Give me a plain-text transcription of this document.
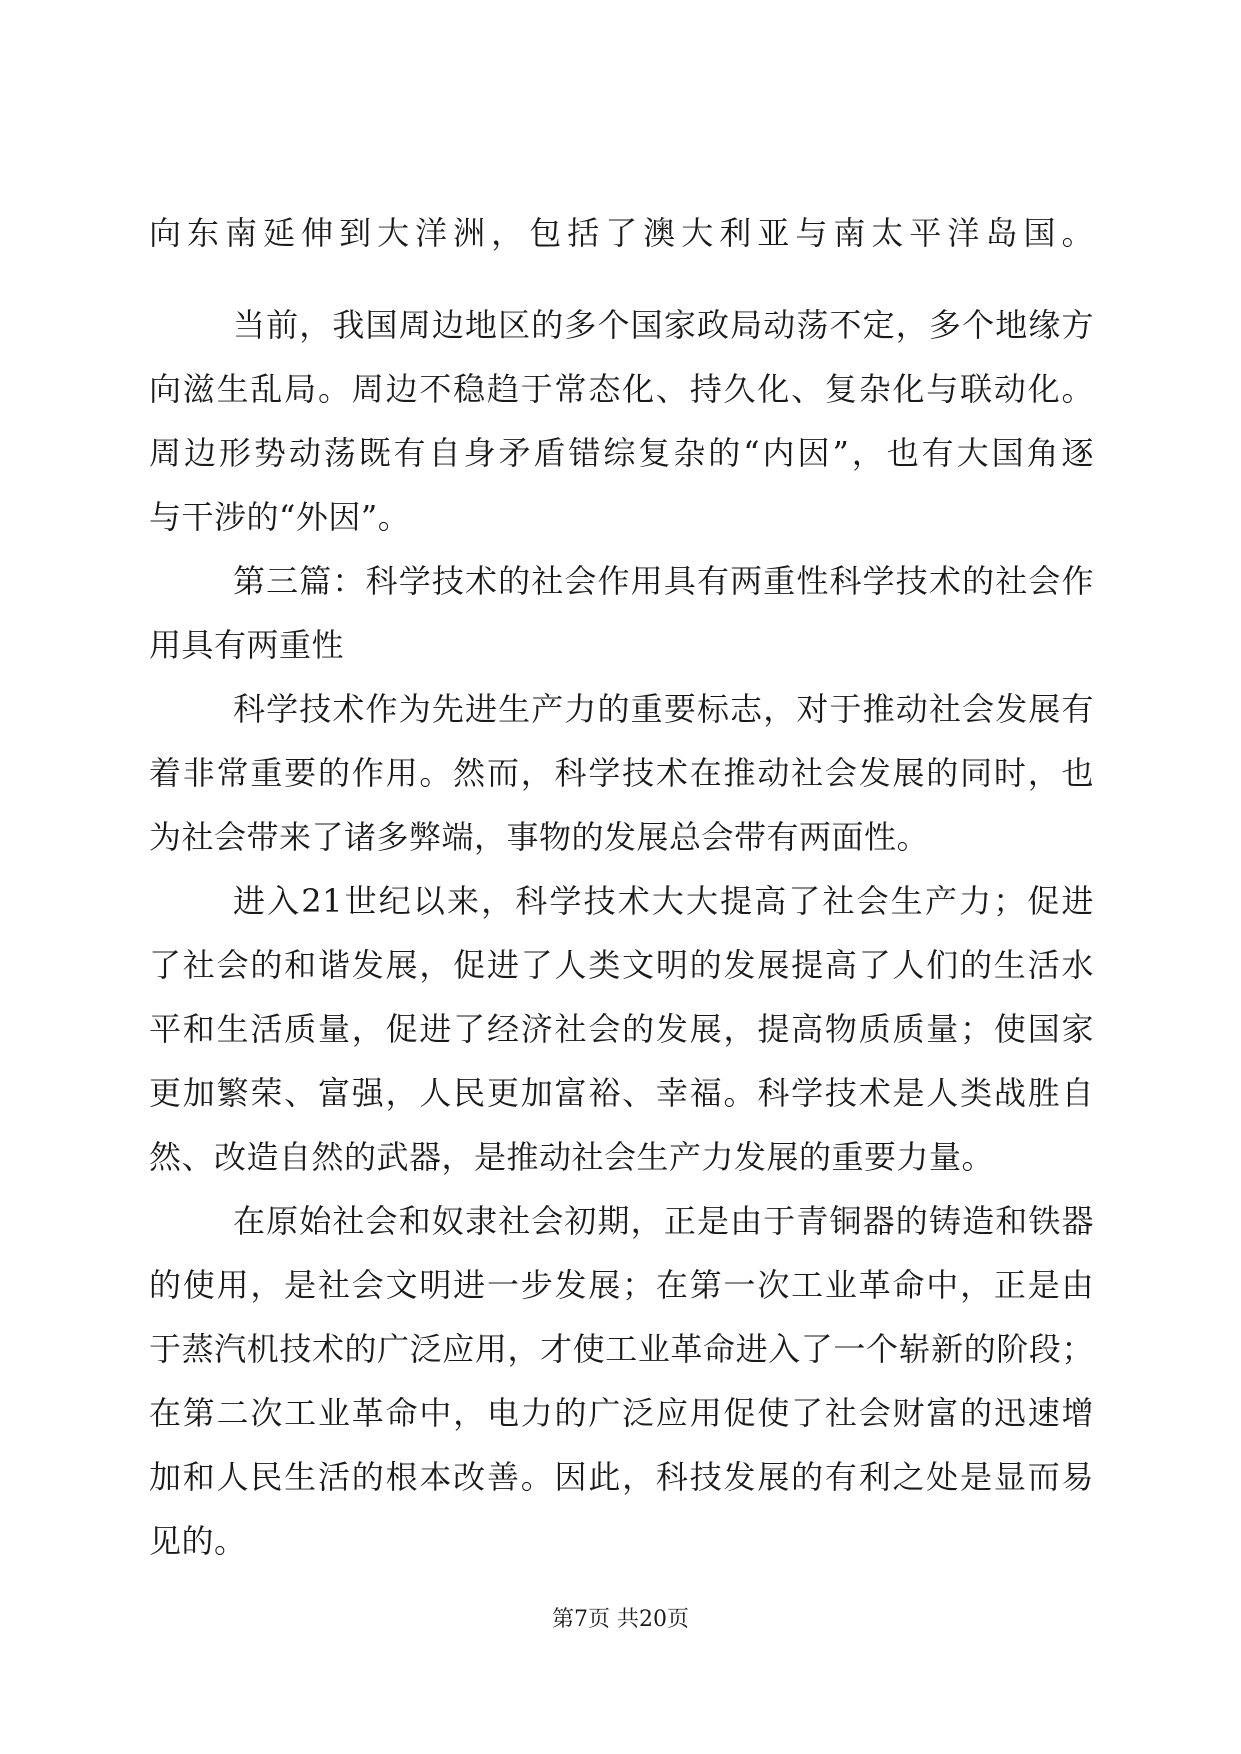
向东南延伸到大洋洲，包括了澳大利亚与南太平洋岛国。
当前，我国周边地区的多个国家政局动荡不定，多个地缘方
向滋生乱局。周边不稳趋于常态化、持久化、复杂化与联动化。
周边形势动荡既有自身矛盾错综复杂的“内因”，也有大国角逐
与干涉的“外因”。
第三篇：科学技术的社会作用具有两重性科学技术的社会作
用具有两重性
科学技术作为先进生产力的重要标志，对于推动社会发展有
着非常重要的作用。然而，科学技术在推动社会发展的同时，也
为社会带来了诸多弊端，事物的发展总会带有两面性。
进入21世纪以来，科学技术大大提高了社会生产力；促进
了社会的和谐发展，促进了人类文明的发展提高了人们的生活水
平和生活质量，促进了经济社会的发展，提高物质质量；使国家
更加繁荣、富强，人民更加富裕、幸福。科学技术是人类战胜自
然、改造自然的武器，是推动社会生产力发展的重要力量。
在原始社会和奴隶社会初期，正是由于青铜器的铸造和铁器
的使用，是社会文明进一步发展；在第一次工业革命中，正是由
于蒸汽机技术的广泛应用，才使工业革命进入了一个崭新的阶段；
在第二次工业革命中，电力的广泛应用促使了社会财富的迅速增
加和人民生活的根本改善。因此，科技发展的有利之处是显而易
见的。
第7页 共20页
